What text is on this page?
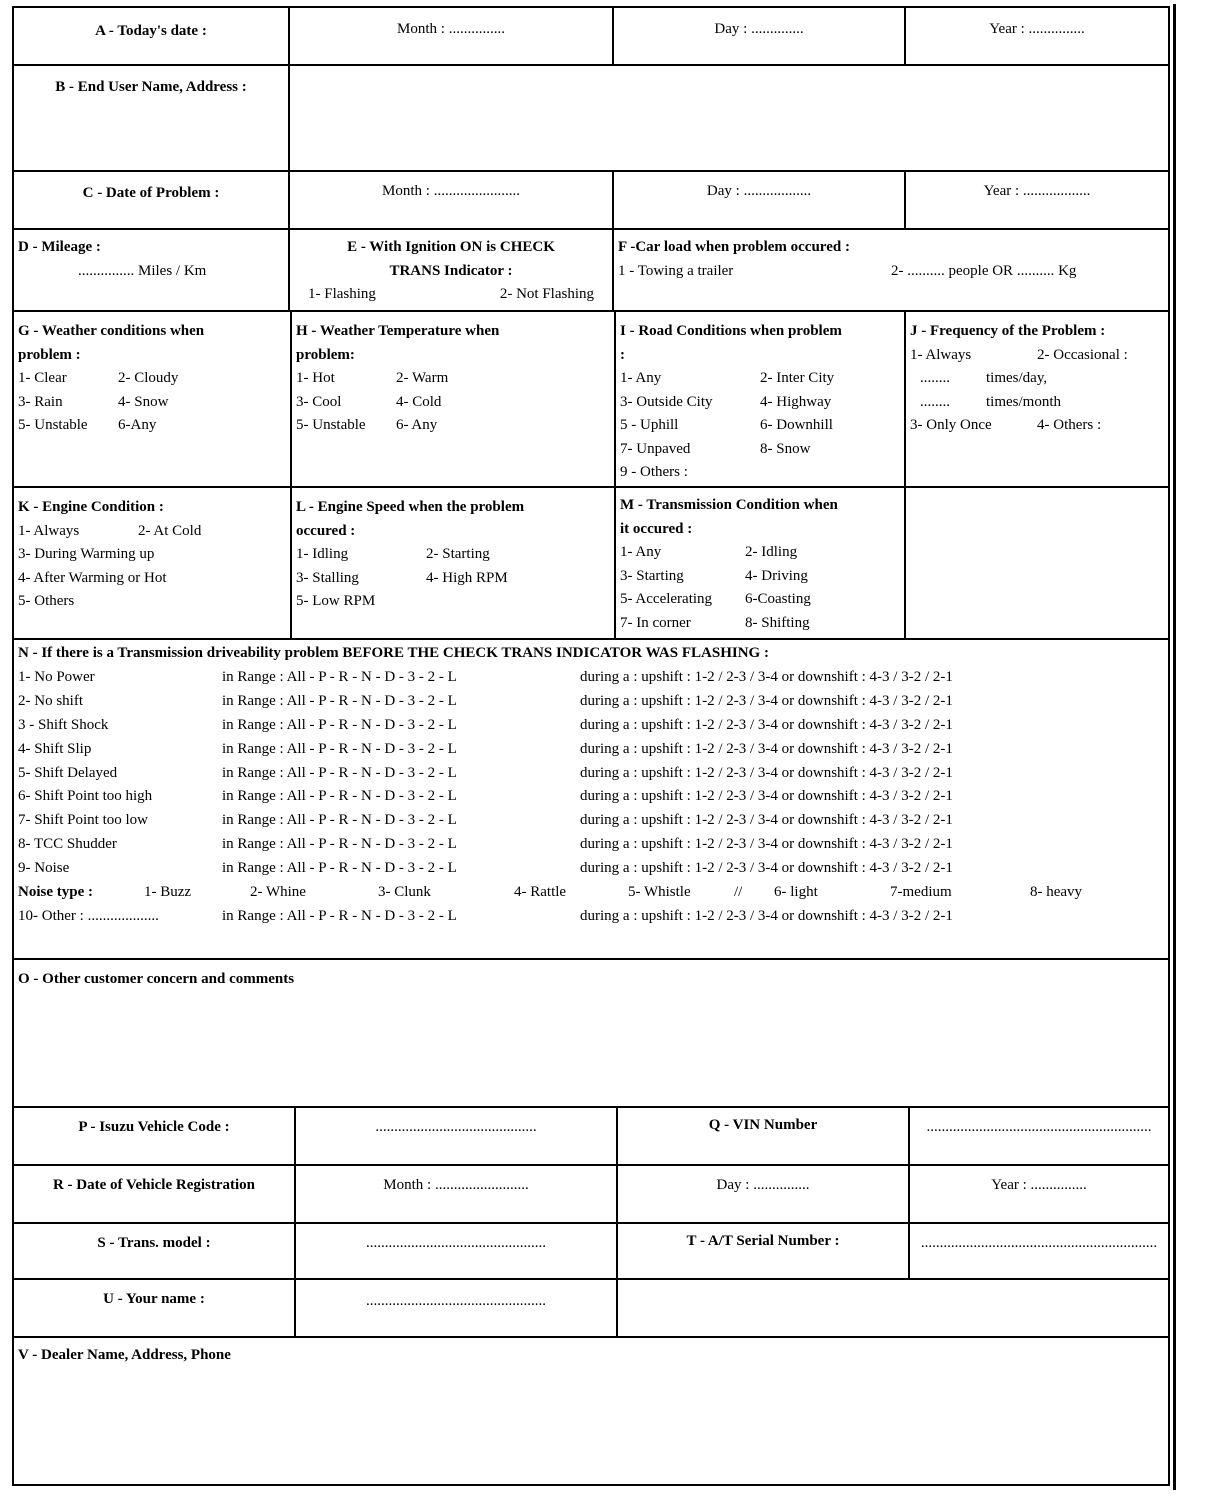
A - Today's date :	Month : ...............	Day : ..............	Year : ...............
B - End User Name, Address :
C - Date of Problem :	Month : .......................	Day : ..................	Year : ..................
D - Mileage :
............... Miles / Km
E - With Ignition ON is CHECK
TRANS Indicator :
1- Flashing	2- Not Flashing
F -Car load when problem occured :
1 - Towing a trailer	2- .......... people OR .......... Kg
G - Weather conditions when
problem :
1- Clear	2- Cloudy
3- Rain	4- Snow
5- Unstable	6-Any
H - Weather Temperature when
problem:
1- Hot	2- Warm
3- Cool	4- Cold
5- Unstable	6- Any
I - Road Conditions when problem
:
1- Any	2- Inter City
3- Outside City	4- Highway
5 - Uphill	6- Downhill
7- Unpaved	8- Snow
9 - Others :
J - Frequency of the Problem :
1- Always	2- Occasional :
........ times/day,
........ times/month
3- Only Once	4- Others :
K - Engine Condition :
1- Always	2- At Cold
3- During Warming up
4- After Warming or Hot
5- Others
L - Engine Speed when the problem
occured :
1- Idling	2- Starting
3- Stalling	4- High RPM
5- Low RPM
M - Transmission Condition when
it occured :
1- Any	2- Idling
3- Starting	4- Driving
5- Accelerating	6-Coasting
7- In corner	8- Shifting
N - If there is a Transmission driveability problem BEFORE THE CHECK TRANS INDICATOR WAS FLASHING :
1- No Power	in Range : All - P - R - N - D - 3 - 2 - L	during a : upshift : 1-2 / 2-3 / 3-4 or downshift : 4-3 / 3-2 / 2-1
2- No shift	in Range : All - P - R - N - D - 3 - 2 - L	during a : upshift : 1-2 / 2-3 / 3-4 or downshift : 4-3 / 3-2 / 2-1
3 - Shift Shock	in Range : All - P - R - N - D - 3 - 2 - L	during a : upshift : 1-2 / 2-3 / 3-4 or downshift : 4-3 / 3-2 / 2-1
4- Shift Slip	in Range : All - P - R - N - D - 3 - 2 - L	during a : upshift : 1-2 / 2-3 / 3-4 or downshift : 4-3 / 3-2 / 2-1
5- Shift Delayed	in Range : All - P - R - N - D - 3 - 2 - L	during a : upshift : 1-2 / 2-3 / 3-4 or downshift : 4-3 / 3-2 / 2-1
6- Shift Point too high	in Range : All - P - R - N - D - 3 - 2 - L	during a : upshift : 1-2 / 2-3 / 3-4 or downshift : 4-3 / 3-2 / 2-1
7- Shift Point too low	in Range : All - P - R - N - D - 3 - 2 - L	during a : upshift : 1-2 / 2-3 / 3-4 or downshift : 4-3 / 3-2 / 2-1
8- TCC Shudder	in Range : All - P - R - N - D - 3 - 2 - L	during a : upshift : 1-2 / 2-3 / 3-4 or downshift : 4-3 / 3-2 / 2-1
9- Noise	in Range : All - P - R - N - D - 3 - 2 - L	during a : upshift : 1-2 / 2-3 / 3-4 or downshift : 4-3 / 3-2 / 2-1
Noise type :	1- Buzz	2- Whine	3- Clunk	4- Rattle	5- Whistle	//	6- light	7-medium	8- heavy
10- Other : ...................	in Range : All - P - R - N - D - 3 - 2 - L	during a : upshift : 1-2 / 2-3 / 3-4 or downshift : 4-3 / 3-2 / 2-1
O - Other customer concern and comments
P - Isuzu Vehicle Code :	...........................................	Q - VIN Number	............................................................
R - Date of Vehicle Registration	Month : .........................	Day : ...............	Year : ...............
S - Trans. model :	................................................	T - A/T Serial Number :	...............................................................
U - Your name :	................................................
V - Dealer Name, Address, Phone
